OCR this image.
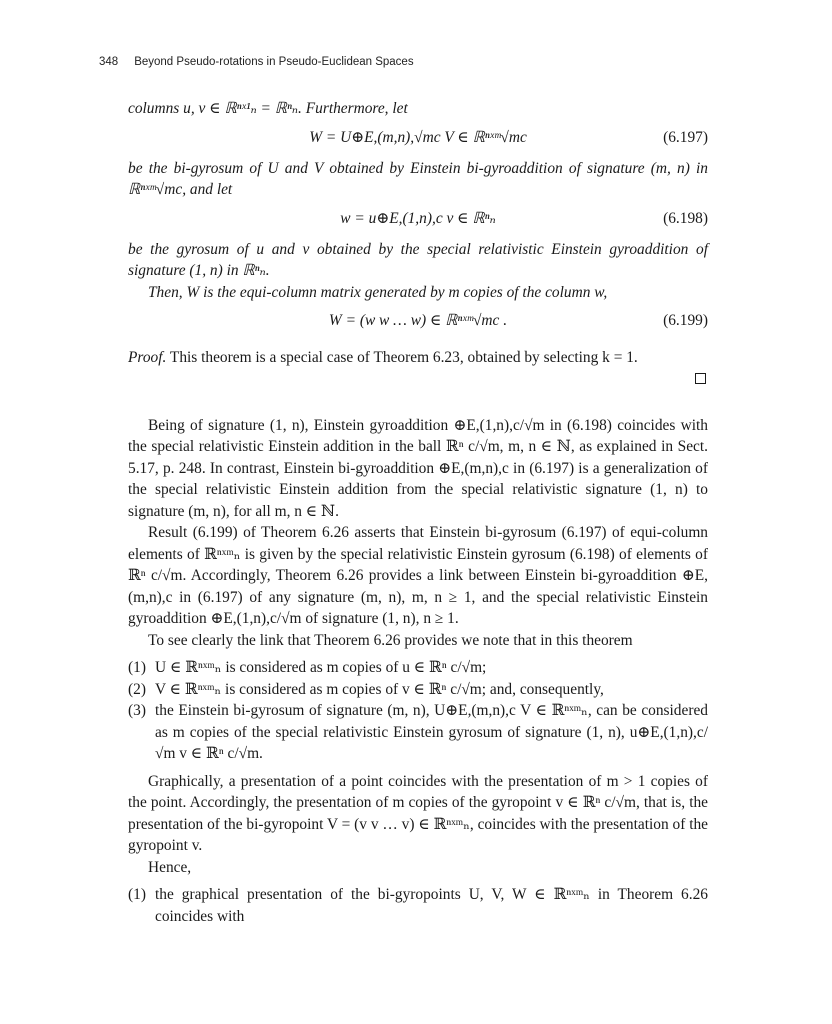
348 Beyond Pseudo-rotations in Pseudo-Euclidean Spaces

columns u, v ∈ ℝⁿˣ¹ₙ = ℝⁿₙ. Furthermore, let

W = U⊕E,(m,n),√mc V ∈ ℝⁿˣᵐ√mc	(6.197)

be the bi-gyrosum of U and V obtained by Einstein bi-gyroaddition of signature (m, n) in ℝⁿˣᵐ√mc, and let

w = u⊕E,(1,n),c v ∈ ℝⁿₙ	(6.198)

be the gyrosum of u and v obtained by the special relativistic Einstein gyroaddition of signature (1, n) in ℝⁿₙ.

Then, W is the equi-column matrix generated by m copies of the column w,

W = (w w … w) ∈ ℝⁿˣᵐ√mc .	(6.199)

Proof. This theorem is a special case of Theorem 6.23, obtained by selecting k = 1.

Being of signature (1, n), Einstein gyroaddition ⊕E,(1,n),c/√m in (6.198) coincides with the special relativistic Einstein addition in the ball ℝⁿ c/√m, m, n ∈ ℕ, as explained in Sect. 5.17, p. 248. In contrast, Einstein bi-gyroaddition ⊕E,(m,n),c in (6.197) is a generalization of the special relativistic Einstein addition from the special relativistic signature (1, n) to signature (m, n), for all m, n ∈ ℕ.

Result (6.199) of Theorem 6.26 asserts that Einstein bi-gyrosum (6.197) of equi-column elements of ℝⁿˣᵐₙ is given by the special relativistic Einstein gyrosum (6.198) of elements of ℝⁿ c/√m. Accordingly, Theorem 6.26 provides a link between Einstein bi-gyroaddition ⊕E,(m,n),c in (6.197) of any signature (m, n), m, n ≥ 1, and the special relativistic Einstein gyroaddition ⊕E,(1,n),c/√m of signature (1, n), n ≥ 1.

To see clearly the link that Theorem 6.26 provides we note that in this theorem

(1) U ∈ ℝⁿˣᵐₙ is considered as m copies of u ∈ ℝⁿ c/√m;
(2) V ∈ ℝⁿˣᵐₙ is considered as m copies of v ∈ ℝⁿ c/√m; and, consequently,
(3) the Einstein bi-gyrosum of signature (m, n), U⊕E,(m,n),c V ∈ ℝⁿˣᵐₙ, can be considered as m copies of the special relativistic Einstein gyrosum of signature (1, n), u⊕E,(1,n),c/√m v ∈ ℝⁿ c/√m.

Graphically, a presentation of a point coincides with the presentation of m > 1 copies of the point. Accordingly, the presentation of m copies of the gyropoint v ∈ ℝⁿ c/√m, that is, the presentation of the bi-gyropoint V = (v v … v) ∈ ℝⁿˣᵐₙ, coincides with the presentation of the gyropoint v.

Hence,

(1) the graphical presentation of the bi-gyropoints U, V, W ∈ ℝⁿˣᵐₙ in Theorem 6.26 coincides with
